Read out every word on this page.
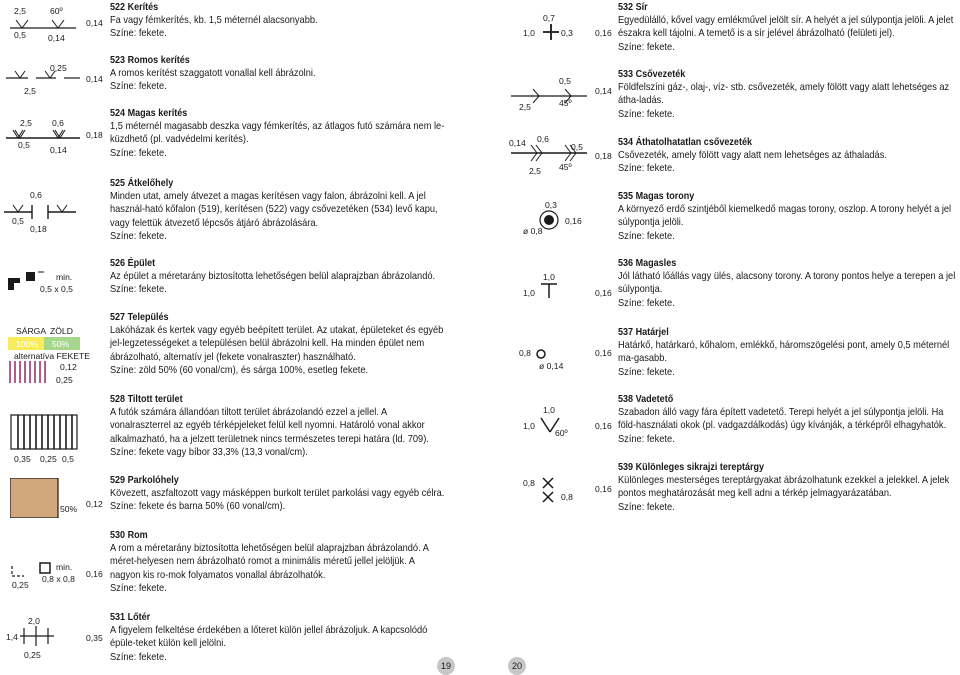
2,5	60º
0,5	0,14
0,14
0,25
2,5
0,14
2,5 0,6
0,5 0,14
0,18
0,6
0,5
0,18
min.
0,5 x 0,5
SÁRGA ZÖLD
100% 50%
alternatíva FEKETE
0,12
0,25
0,35 0,25 0,5
50% 0,12
min.
0,8 x 0,8
0,25
0,16
2,0
1,4
0,25
0,35
522 Kerítés
Fa vagy fémkerítés, kb. 1,5 méternél alacsonyabb.
Színe: fekete.
523 Romos kerítés
A romos kerítést szaggatott vonallal kell ábrázolni.
Színe: fekete.
524 Magas kerítés
1,5 méternél magasabb deszka vagy fémkerítés, az átlagos futó számára nem le-küzdhető (pl. vadvédelmi kerítés).
Színe: fekete.
525 Átkelőhely
Minden utat, amely átvezet a magas kerítésen vagy falon, ábrázolni kell. A jel használ-ható kőfalon (519), kerítésen (522) vagy csővezetéken (534) levő kapu, vagy felettük átvezető lépcsős átjáró ábrázolására.
Színe: fekete.
526 Épület
Az épület a méretarány biztosította lehetőségen belül alaprajzban ábrázolandó.
Színe: fekete.
527 Település
Lakóházak és kertek vagy egyéb beépített terület. Az utakat, épületeket és egyéb jel-legzetességeket a településen belül ábrázolni kell. Ha minden épület nem ábrázolható, alternatív jel (fekete vonalraszter) használható.
Színe: zöld 50% (60 vonal/cm), és sárga 100%, esetleg fekete.
528 Tiltott terület
A futók számára állandóan tiltott terület ábrázolandó ezzel a jellel. A vonalraszterrel az egyéb térképjeleket felül kell nyomni. Határoló vonal akkor alkalmazható, ha a jelzett területnek nincs természetes terepi határa (ld. 709).
Színe: fekete vagy bíbor 33,3% (13,3 vonal/cm).
529 Parkolóhely
Kövezett, aszfaltozott vagy másképpen burkolt terület parkolási vagy egyéb célra.
Színe: fekete és barna 50% (60 vonal/cm).
530 Rom
A rom a méretarány biztosította lehetőségen belül alaprajzban ábrázolandó. A méret-helyesen nem ábrázolható romot a minimális méretű jellel jelöljük. A nagyon kis ro-mok folyamatos vonallal ábrázolhatók.
Színe: fekete.
531 Lőtér
A figyelem felkeltése érdekében a lőteret külön jellel ábrázoljuk. A kapcsolódó épüle-teket külön kell jelölni.
Színe: fekete.
19	20
0,7
1,0	0,3	0,16
0,5
2,5	45º
0,14
0,14 0,6
0,5
2,5 45º
0,18
0,3
ø 0,8
0,16
1,0
1,0	0,16
0,8
ø 0,14
0,16
1,0
1,0
60º
0,16
0,8
0,8
0,16
532 Sír
Egyedülálló, kővel vagy emlékművel jelölt sír. A helyét a jel súlypontja jelöli. A jelet északra kell tájolni. A temető is a sír jelével ábrázolható (felületi jel).
Színe: fekete.
533 Csővezeték
Földfelszíni gáz-, olaj-, víz- stb. csővezeték, amely fölött vagy alatt lehetséges az átha-ladás.
Színe: fekete.
534 Áthatolhatatlan csővezeték
Csővezeték, amely fölött vagy alatt nem lehetséges az áthaladás.
Színe: fekete.
535 Magas torony
A környező erdő szintjéből kiemelkedő magas torony, oszlop. A torony helyét a jel súlypontja jelöli.
Színe: fekete.
536 Magasles
Jól látható lőállás vagy ülés, alacsony torony. A torony pontos helye a terepen a jel súlypontja.
Színe: fekete.
537 Határjel
Határkő, határkaró, kőhalom, emlékkő, háromszögelési pont, amely 0,5 méternél ma-gasabb.
Színe: fekete.
538 Vadetető
Szabadon álló vagy fára épített vadetető. Terepi helyét a jel súlypontja jelöli. Ha föld-használati okok (pl. vadgazdálkodás) úgy kívánják, a térképről elhagyhatók.
Színe: fekete.
539 Különleges sikrajzi tereptárgy
Különleges mesterséges tereptárgyakat ábrázolhatunk ezekkel a jelekkel. A jelek pontos meghatározását meg kell adni a térkép jelmagyarázatában.
Színe: fekete.
